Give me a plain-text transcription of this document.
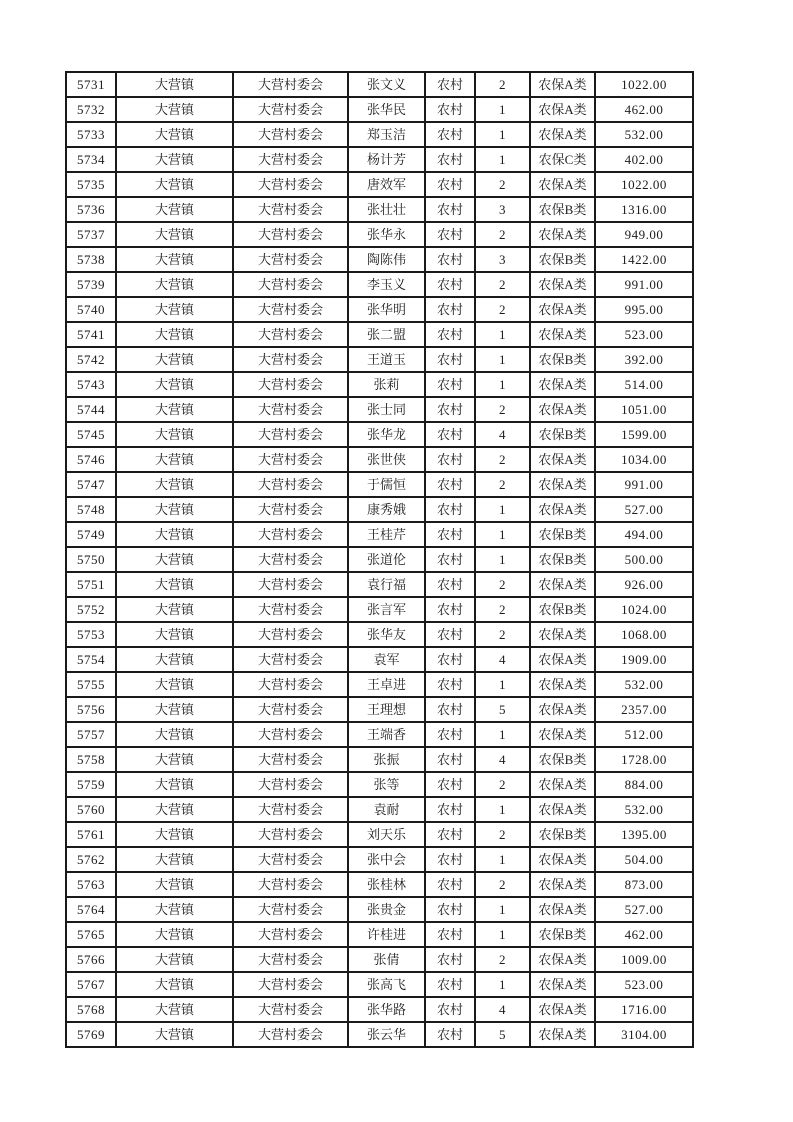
5731	大营镇	大营村委会	张文义	农村	2	农保A类	1022.00
5732	大营镇	大营村委会	张华民	农村	1	农保A类	462.00
5733	大营镇	大营村委会	郑玉洁	农村	1	农保A类	532.00
5734	大营镇	大营村委会	杨计芳	农村	1	农保C类	402.00
5735	大营镇	大营村委会	唐效军	农村	2	农保A类	1022.00
5736	大营镇	大营村委会	张壮壮	农村	3	农保B类	1316.00
5737	大营镇	大营村委会	张华永	农村	2	农保A类	949.00
5738	大营镇	大营村委会	陶陈伟	农村	3	农保B类	1422.00
5739	大营镇	大营村委会	李玉义	农村	2	农保A类	991.00
5740	大营镇	大营村委会	张华明	农村	2	农保A类	995.00
5741	大营镇	大营村委会	张二盟	农村	1	农保A类	523.00
5742	大营镇	大营村委会	王道玉	农村	1	农保B类	392.00
5743	大营镇	大营村委会	张莉	农村	1	农保A类	514.00
5744	大营镇	大营村委会	张士同	农村	2	农保A类	1051.00
5745	大营镇	大营村委会	张华龙	农村	4	农保B类	1599.00
5746	大营镇	大营村委会	张世侠	农村	2	农保A类	1034.00
5747	大营镇	大营村委会	于儒恒	农村	2	农保A类	991.00
5748	大营镇	大营村委会	康秀娥	农村	1	农保A类	527.00
5749	大营镇	大营村委会	王桂芹	农村	1	农保B类	494.00
5750	大营镇	大营村委会	张道伦	农村	1	农保B类	500.00
5751	大营镇	大营村委会	袁行福	农村	2	农保A类	926.00
5752	大营镇	大营村委会	张言军	农村	2	农保B类	1024.00
5753	大营镇	大营村委会	张华友	农村	2	农保A类	1068.00
5754	大营镇	大营村委会	袁军	农村	4	农保A类	1909.00
5755	大营镇	大营村委会	王卓进	农村	1	农保A类	532.00
5756	大营镇	大营村委会	王理想	农村	5	农保A类	2357.00
5757	大营镇	大营村委会	王端香	农村	1	农保A类	512.00
5758	大营镇	大营村委会	张振	农村	4	农保B类	1728.00
5759	大营镇	大营村委会	张等	农村	2	农保A类	884.00
5760	大营镇	大营村委会	袁耐	农村	1	农保A类	532.00
5761	大营镇	大营村委会	刘天乐	农村	2	农保B类	1395.00
5762	大营镇	大营村委会	张中会	农村	1	农保A类	504.00
5763	大营镇	大营村委会	张桂林	农村	2	农保A类	873.00
5764	大营镇	大营村委会	张贵金	农村	1	农保A类	527.00
5765	大营镇	大营村委会	许桂进	农村	1	农保B类	462.00
5766	大营镇	大营村委会	张倩	农村	2	农保A类	1009.00
5767	大营镇	大营村委会	张高飞	农村	1	农保A类	523.00
5768	大营镇	大营村委会	张华路	农村	4	农保A类	1716.00
5769	大营镇	大营村委会	张云华	农村	5	农保A类	3104.00
